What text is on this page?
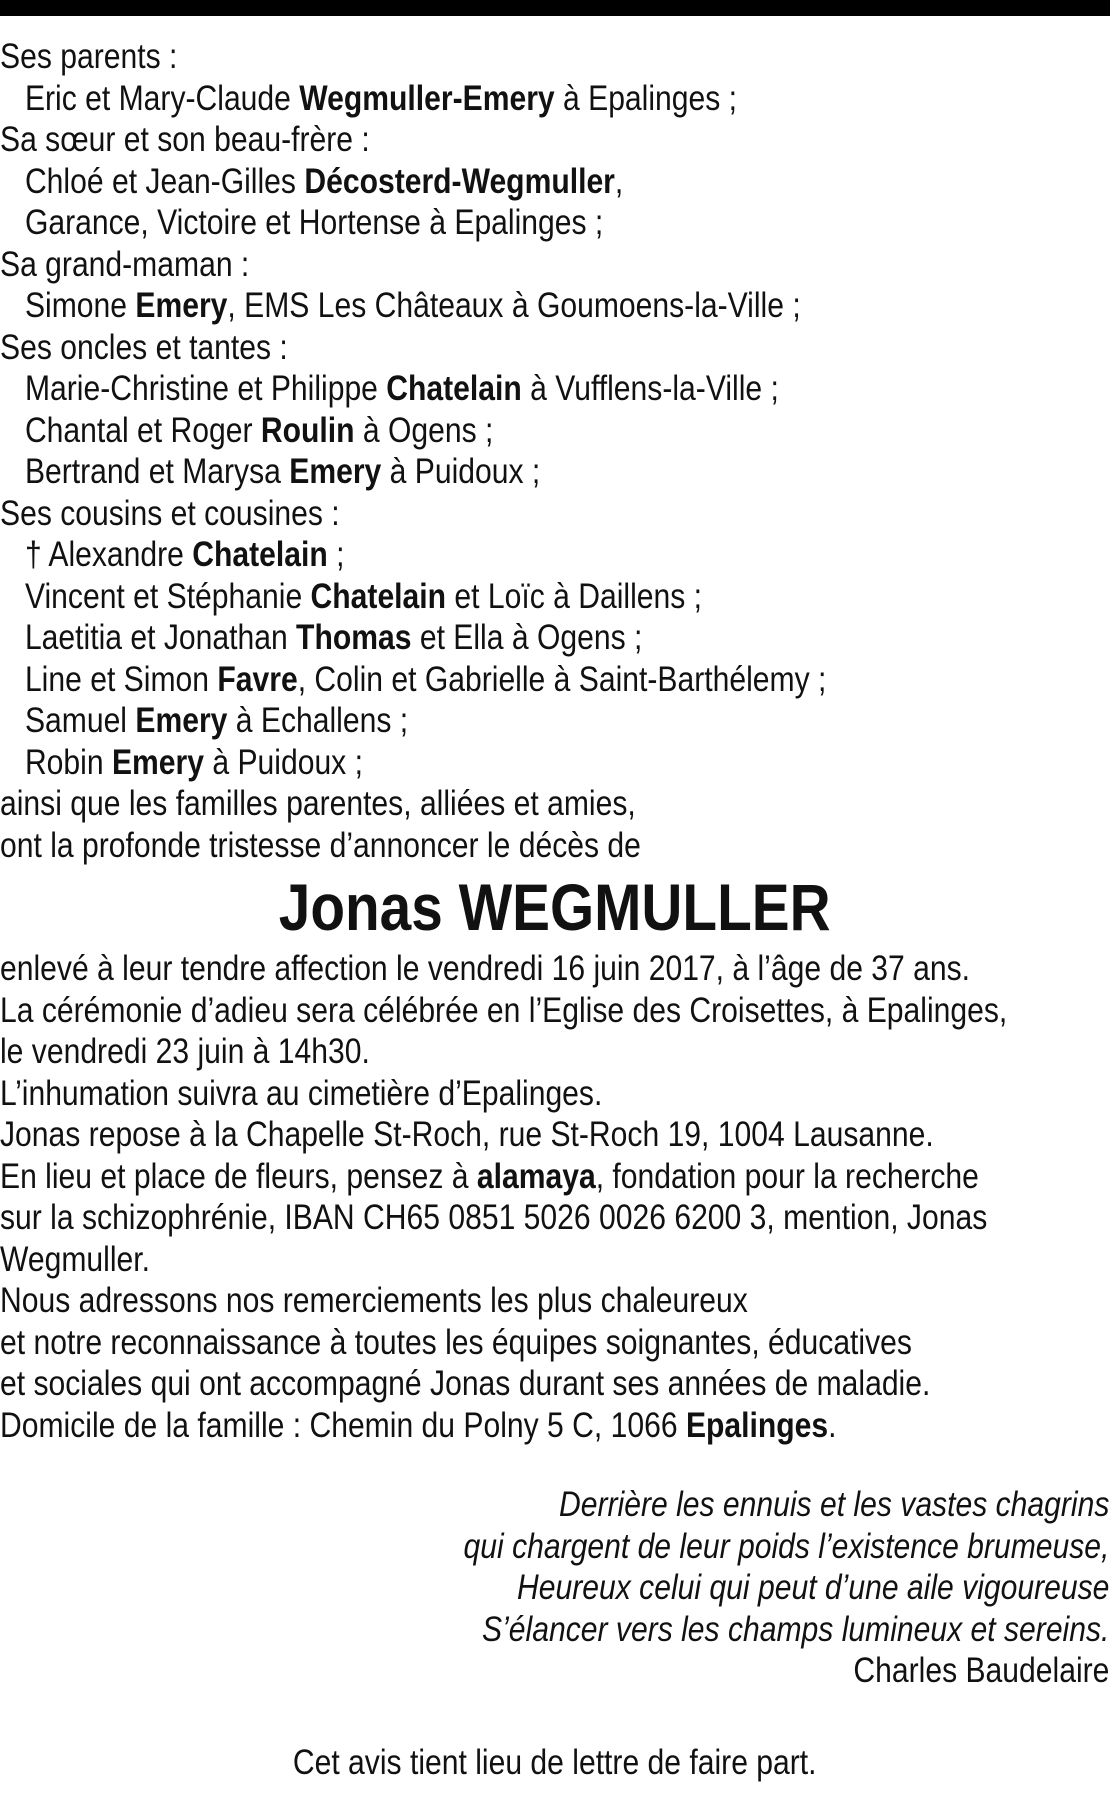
Ses parents :
Eric et Mary-Claude Wegmuller-Emery à Epalinges ;
Sa sœur et son beau-frère :
Chloé et Jean-Gilles Décosterd-Wegmuller,
Garance, Victoire et Hortense à Epalinges ;
Sa grand-maman :
Simone Emery, EMS Les Châteaux à Goumoens-la-Ville ;
Ses oncles et tantes :
Marie-Christine et Philippe Chatelain à Vufflens-la-Ville ;
Chantal et Roger Roulin à Ogens ;
Bertrand et Marysa Emery à Puidoux ;
Ses cousins et cousines :
† Alexandre Chatelain ;
Vincent et Stéphanie Chatelain et Loïc à Daillens ;
Laetitia et Jonathan Thomas et Ella à Ogens ;
Line et Simon Favre, Colin et Gabrielle à Saint-Barthélemy ;
Samuel Emery à Echallens ;
Robin Emery à Puidoux ;
ainsi que les familles parentes, alliées et amies,
ont la profonde tristesse d’annoncer le décès de
Jonas WEGMULLER
enlevé à leur tendre affection le vendredi 16 juin 2017, à l’âge de 37 ans.
La cérémonie d’adieu sera célébrée en l’Eglise des Croisettes, à Epalinges,
le vendredi 23 juin à 14h30.
L’inhumation suivra au cimetière d’Epalinges.
Jonas repose à la Chapelle St-Roch, rue St-Roch 19, 1004 Lausanne.
En lieu et place de fleurs, pensez à alamaya, fondation pour la recherche
sur la schizophrénie, IBAN CH65 0851 5026 0026 6200 3, mention, Jonas
Wegmuller.
Nous adressons nos remerciements les plus chaleureux
et notre reconnaissance à toutes les équipes soignantes, éducatives
et sociales qui ont accompagné Jonas durant ses années de maladie.
Domicile de la famille : Chemin du Polny 5 C, 1066 Epalinges.
Derrière les ennuis et les vastes chagrins
qui chargent de leur poids l’existence brumeuse,
Heureux celui qui peut d’une aile vigoureuse
S’élancer vers les champs lumineux et sereins.
Charles Baudelaire
Cet avis tient lieu de lettre de faire part.
